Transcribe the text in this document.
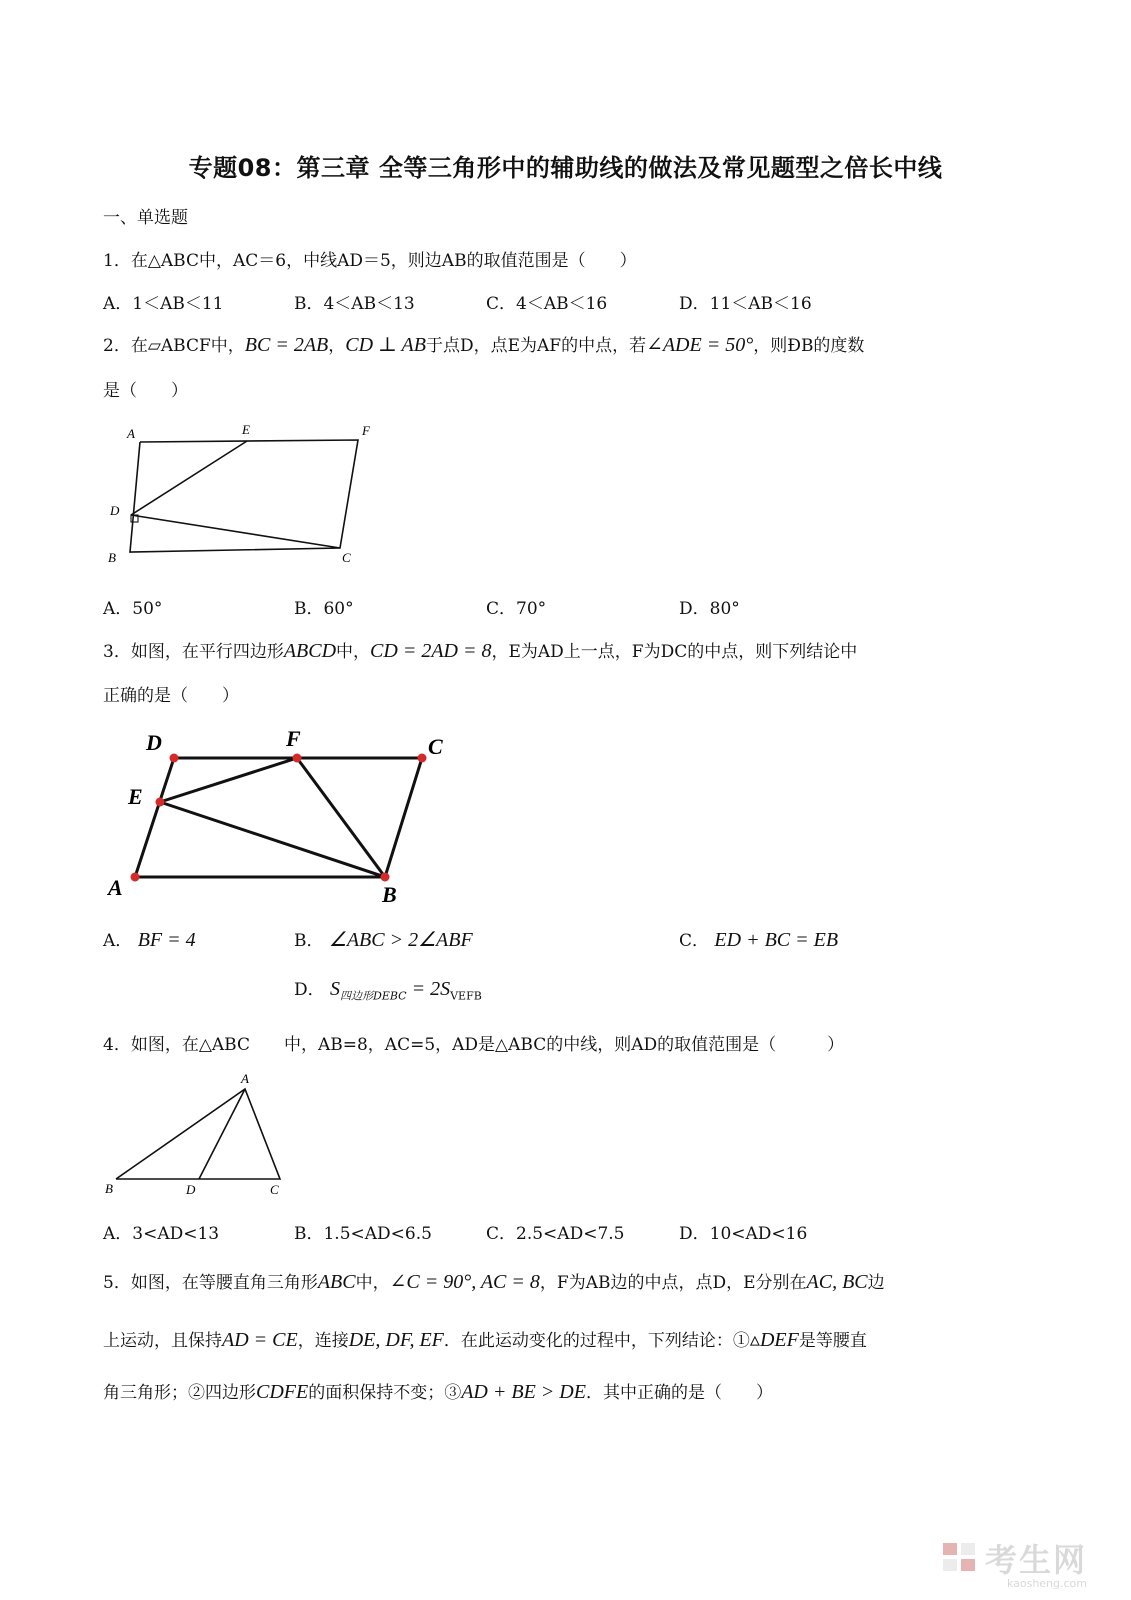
专题08：第三章 全等三角形中的辅助线的做法及常见题型之倍长中线
一、单选题
1．在△ABC中，AC＝6，中线AD＝5，则边AB的取值范围是（　　）
A．1＜AB＜11	B．4＜AB＜13	C．4＜AB＜16	D．11＜AB＜16
2．在▱ABCF中，BC = 2AB，CD ⊥ AB于点D，点E为AF的中点，若∠ADE = 50°，则ÐB的度数
是（　　）
A	E	F
D
B	C
A．50°	B．60°	C．70°	D．80°
3．如图，在平行四边形ABCD中，CD = 2AD = 8，E为AD上一点，F为DC的中点，则下列结论中
正确的是（　　）
D	F	C
E
A	B
A． BF = 4	B． ∠ABC > 2∠ABF	C． ED + BC = EB
D． $S_{四边形DEBC} = 2S_{VEFB}$
4．如图，在△ABC　　中，AB=8，AC=5，AD是△ABC的中线，则AD的取值范围是（　　　）
A
B	D	C
A．3<AD<13	B．1.5<AD<6.5	C．2.5<AD<7.5	D．10<AD<16
5．如图，在等腰直角三角形ABC中，∠C = 90°, AC = 8，F为AB边的中点，点D，E分别在AC, BC边
上运动，且保持AD = CE，连接DE, DF, EF．在此运动变化的过程中，下列结论：①▵DEF是等腰直
角三角形；②四边形CDFE的面积保持不变；③AD + BE > DE．其中正确的是（　　）
考生网
kaosheng.com
